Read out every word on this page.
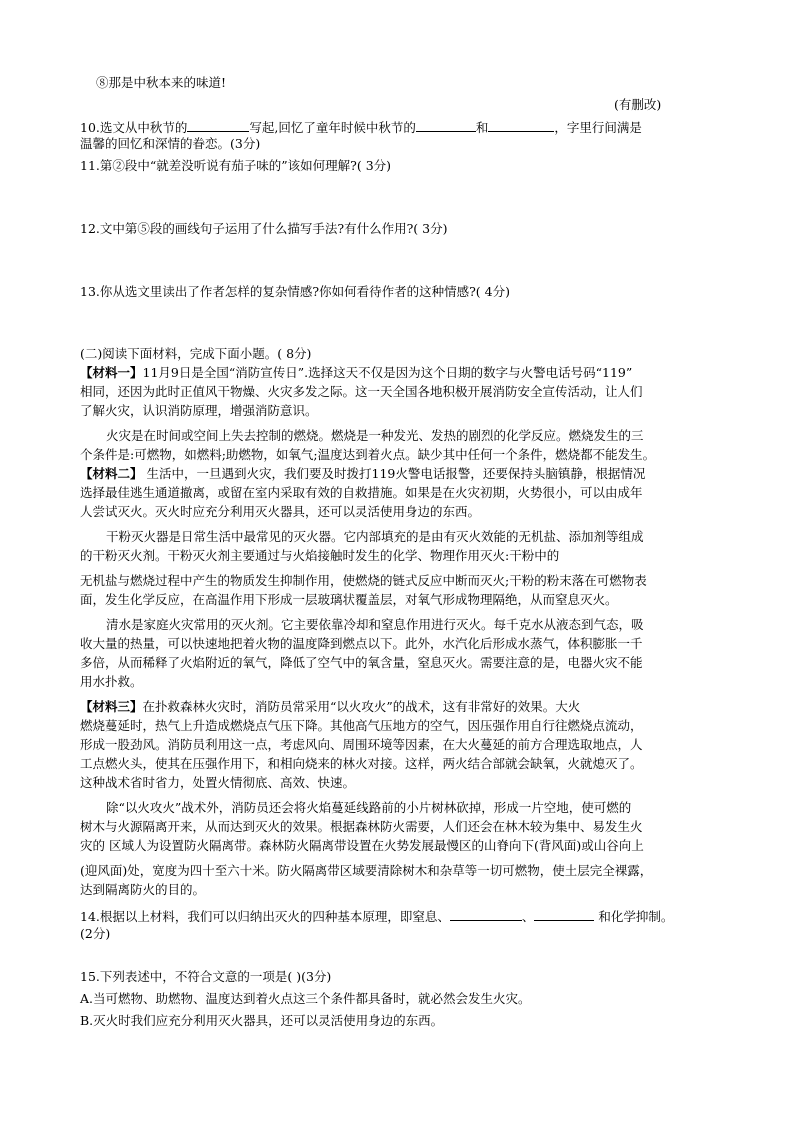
⑧那是中秋本来的味道!
(有删改)
10.选文从中秋节的	写起,回忆了童年时候中秋节的	和	，字里行间满是
温馨的回忆和深情的眷恋。(3分)
11.第②段中“就差没听说有茄子味的”该如何理解?( 3分)
12.文中第⑤段的画线句子运用了什么描写手法?有什么作用?( 3分)
13.你从选文里读出了作者怎样的复杂情感?你如何看待作者的这种情感?( 4分)
(二)阅读下面材料，完成下面小题。( 8分)
【材料一】11月9日是全国“消防宣传日”.选择这天不仅是因为这个日期的数字与火警电话号码“119”
相同，还因为此时正值风干物燥、火灾多发之际。这一天全国各地积极开展消防安全宣传活动，让人们
了解火灾，认识消防原理，增强消防意识。
火灾是在时间或空间上失去控制的燃烧。燃烧是一种发光、发热的剧烈的化学反应。燃烧发生的三
个条件是:可燃物，如燃料;助燃物，如氧气;温度达到着火点。缺少其中任何一个条件，燃烧都不能发生。
【材料二】 生活中，一旦遇到火灾，我们要及时拨打119火警电话报警，还要保持头脑镇静，根据情况
选择最佳逃生通道撤离，或留在室内采取有效的自救措施。如果是在火灾初期，火势很小，可以由成年
人尝试灭火。灭火时应充分利用灭火器具，还可以灵活使用身边的东西。
干粉灭火器是日常生活中最常见的灭火器。它内部填充的是由有灭火效能的无机盐、添加剂等组成
的干粉灭火剂。干粉灭火剂主要通过与火焰接触时发生的化学、物理作用灭火:干粉中的
无机盐与燃烧过程中产生的物质发生抑制作用，使燃烧的链式反应中断而灭火;干粉的粉末落在可燃物表
面，发生化学反应，在高温作用下形成一层玻璃状覆盖层，对氧气形成物理隔绝，从而窒息灭火。
清水是家庭火灾常用的灭火剂。它主要依靠冷却和窒息作用进行灭火。每千克水从液态到气态，吸
收大量的热量，可以快速地把着火物的温度降到燃点以下。此外，水汽化后形成水蒸气，体积膨胀一千
多倍，从而稀释了火焰附近的氧气，降低了空气中的氧含量，窒息灭火。需要注意的是，电器火灾不能
用水扑救。
【材料三】在扑救森林火灾时，消防员常采用“以火攻火”的战术，这有非常好的效果。大火
燃烧蔓延时，热气上升造成燃烧点气压下降。其他高气压地方的空气，因压强作用自行往燃烧点流动，
形成一股劲风。消防员利用这一点，考虑风向、周围环境等因素，在大火蔓延的前方合理选取地点，人
工点燃火头，使其在压强作用下，和相向烧来的林火对接。这样，两火结合部就会缺氧，火就熄灭了。
这种战术省时省力，处置火情彻底、高效、快速。
除“以火攻火”战术外，消防员还会将火焰蔓延线路前的小片树林砍掉，形成一片空地，使可燃的
树木与火源隔离开来，从而达到灭火的效果。根据森林防火需要，人们还会在林木较为集中、易发生火
灾的 区域人为设置防火隔离带。森林防火隔离带设置在火势发展最慢区的山脊向下(背风面)或山谷向上
(迎风面)处，宽度为四十至六十米。防火隔离带区域要清除树木和杂草等一切可燃物，使土层完全裸露，
达到隔离防火的目的。
14.根据以上材料，我们可以归纳出灭火的四种基本原理，即窒息、	、	和化学抑制。
(2分)
15.下列表述中，不符合文意的一项是( )(3分)
A.当可燃物、助燃物、温度达到着火点这三个条件都具备时，就必然会发生火灾。
B.灭火时我们应充分利用灭火器具，还可以灵活使用身边的东西。
